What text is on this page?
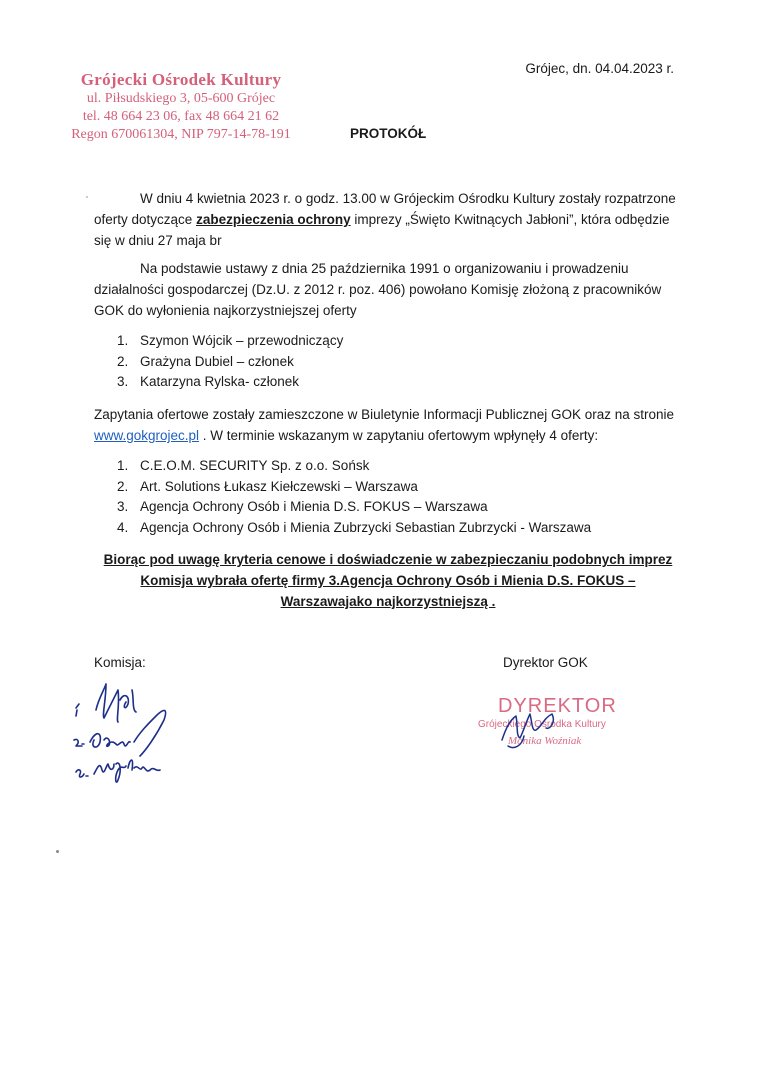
Grójecki Ośrodek Kultury
ul. Piłsudskiego 3, 05-600 Grójec
tel. 48 664 23 06, fax 48 664 21 62
Regon 670061304, NIP 797-14-78-191
Grójec, dn. 04.04.2023 r.
PROTOKÓŁ
W dniu 4 kwietnia 2023 r. o godz. 13.00 w Grójeckim Ośrodku Kultury zostały rozpatrzone oferty dotyczące zabezpieczenia ochrony imprezy „Święto Kwitnących Jabłoni”, która odbędzie się w dniu 27 maja br
Na podstawie ustawy z dnia 25 października 1991 o organizowaniu i prowadzeniu działalności gospodarczej (Dz.U. z 2012 r. poz. 406) powołano Komisję złożoną z pracowników GOK do wyłonienia najkorzystniejszej oferty
1. Szymon Wójcik – przewodniczący
2. Grażyna Dubiel – członek
3. Katarzyna Rylska- członek
Zapytania ofertowe zostały zamieszczone w Biuletynie Informacji Publicznej GOK oraz na stronie www.gokgrojec.pl . W terminie wskazanym w zapytaniu ofertowym wpłynęły 4 oferty:
1. C.E.O.M. SECURITY Sp. z o.o. Sońsk
2. Art. Solutions Łukasz Kiełczewski – Warszawa
3. Agencja Ochrony Osób i Mienia D.S. FOKUS – Warszawa
4. Agencja Ochrony Osób i Mienia Zubrzycki Sebastian Zubrzycki - Warszawa
Biorąc pod uwagę kryteria cenowe i doświadczenie w zabezpieczaniu podobnych imprez Komisja wybrała ofertę firmy 3.Agencja Ochrony Osób i Mienia D.S. FOKUS – Warszawajako najkorzystniejszą .
Komisja:	Dyrektor GOK
DYREKTOR
Grójeckiego Ośrodka Kultury
Monika Woźniak
